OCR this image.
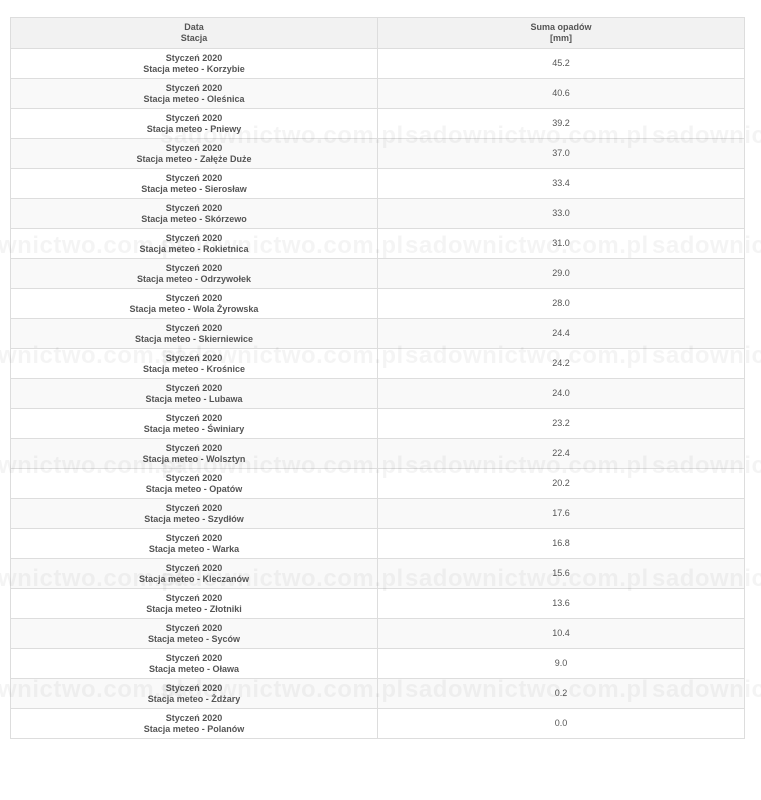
Data
Stacja	Suma opadów
[mm]

Styczeń 2020
Stacja meteo - Korzybie	45.2

Styczeń 2020
Stacja meteo - Oleśnica	40.6

Styczeń 2020
Stacja meteo - Pniewy	39.2

Styczeń 2020
Stacja meteo - Załęże Duże	37.0

Styczeń 2020
Stacja meteo - Sierosław	33.4

Styczeń 2020
Stacja meteo - Skórzewo	33.0

Styczeń 2020
Stacja meteo - Rokietnica	31.0

Styczeń 2020
Stacja meteo - Odrzywołek	29.0

Styczeń 2020
Stacja meteo - Wola Żyrowska	28.0

Styczeń 2020
Stacja meteo - Skierniewice	24.4

Styczeń 2020
Stacja meteo - Krośnice	24.2

Styczeń 2020
Stacja meteo - Lubawa	24.0

Styczeń 2020
Stacja meteo - Świniary	23.2

Styczeń 2020
Stacja meteo - Wolsztyn	22.4

Styczeń 2020
Stacja meteo - Opatów	20.2

Styczeń 2020
Stacja meteo - Szydłów	17.6

Styczeń 2020
Stacja meteo - Warka	16.8

Styczeń 2020
Stacja meteo - Kleczanów	15.6

Styczeń 2020
Stacja meteo - Złotniki	13.6

Styczeń 2020
Stacja meteo - Syców	10.4

Styczeń 2020
Stacja meteo - Oława	9.0

Styczeń 2020
Stacja meteo - Żdżary	0.2

Styczeń 2020
Stacja meteo - Polanów	0.0
